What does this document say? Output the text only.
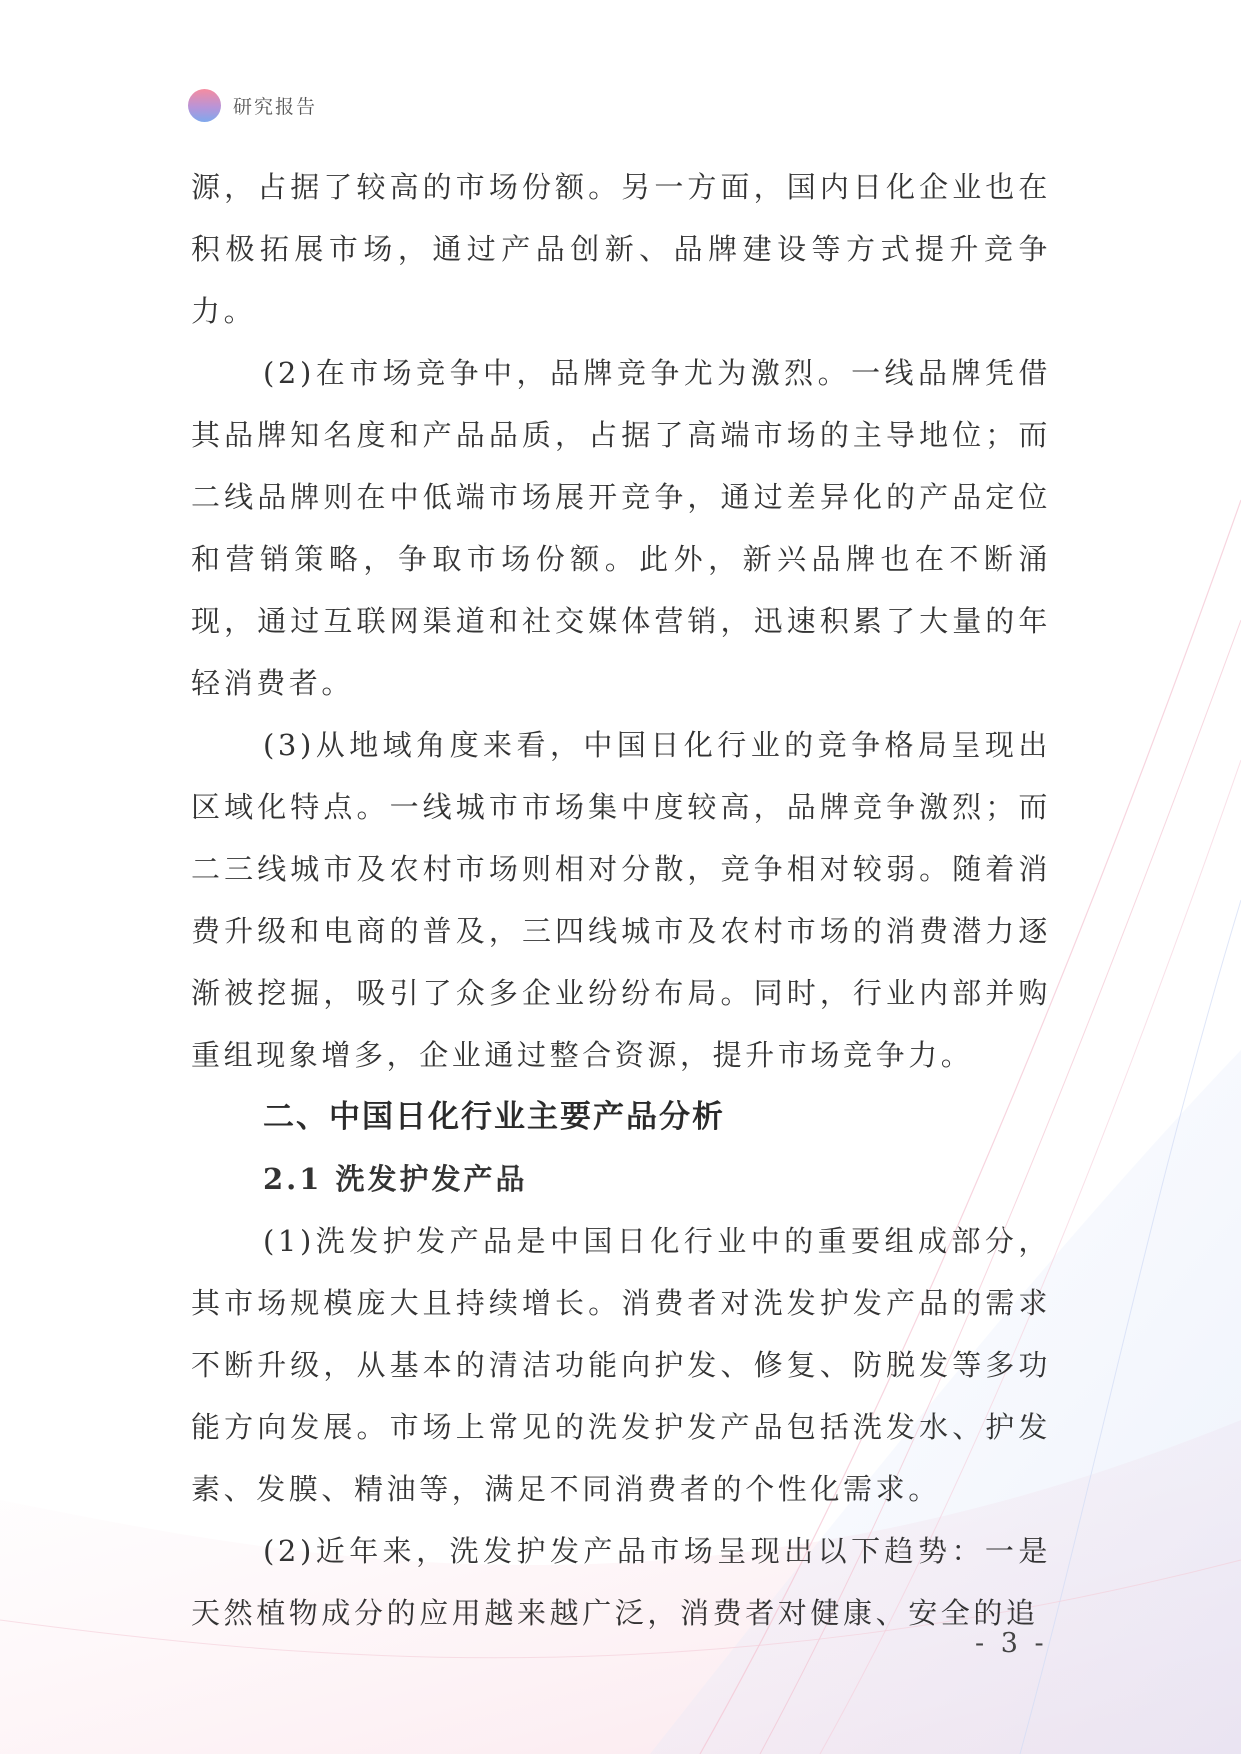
研究报告

源，占据了较高的市场份额。另一方面，国内日化企业也在积极拓展市场，通过产品创新、品牌建设等方式提升竞争力。

(2)在市场竞争中，品牌竞争尤为激烈。一线品牌凭借其品牌知名度和产品品质，占据了高端市场的主导地位；而二线品牌则在中低端市场展开竞争，通过差异化的产品定位和营销策略，争取市场份额。此外，新兴品牌也在不断涌现，通过互联网渠道和社交媒体营销，迅速积累了大量的年轻消费者。

(3)从地域角度来看，中国日化行业的竞争格局呈现出区域化特点。一线城市市场集中度较高，品牌竞争激烈；而二三线城市及农村市场则相对分散，竞争相对较弱。随着消费升级和电商的普及，三四线城市及农村市场的消费潜力逐渐被挖掘，吸引了众多企业纷纷布局。同时，行业内部并购重组现象增多，企业通过整合资源，提升市场竞争力。

二、中国日化行业主要产品分析
2.1 洗发护发产品

(1)洗发护发产品是中国日化行业中的重要组成部分，其市场规模庞大且持续增长。消费者对洗发护发产品的需求不断升级，从基本的清洁功能向护发、修复、防脱发等多功能方向发展。市场上常见的洗发护发产品包括洗发水、护发素、发膜、精油等，满足不同消费者的个性化需求。

(2)近年来，洗发护发产品市场呈现出以下趋势：一是天然植物成分的应用越来越广泛，消费者对健康、安全的追

- 3 -
